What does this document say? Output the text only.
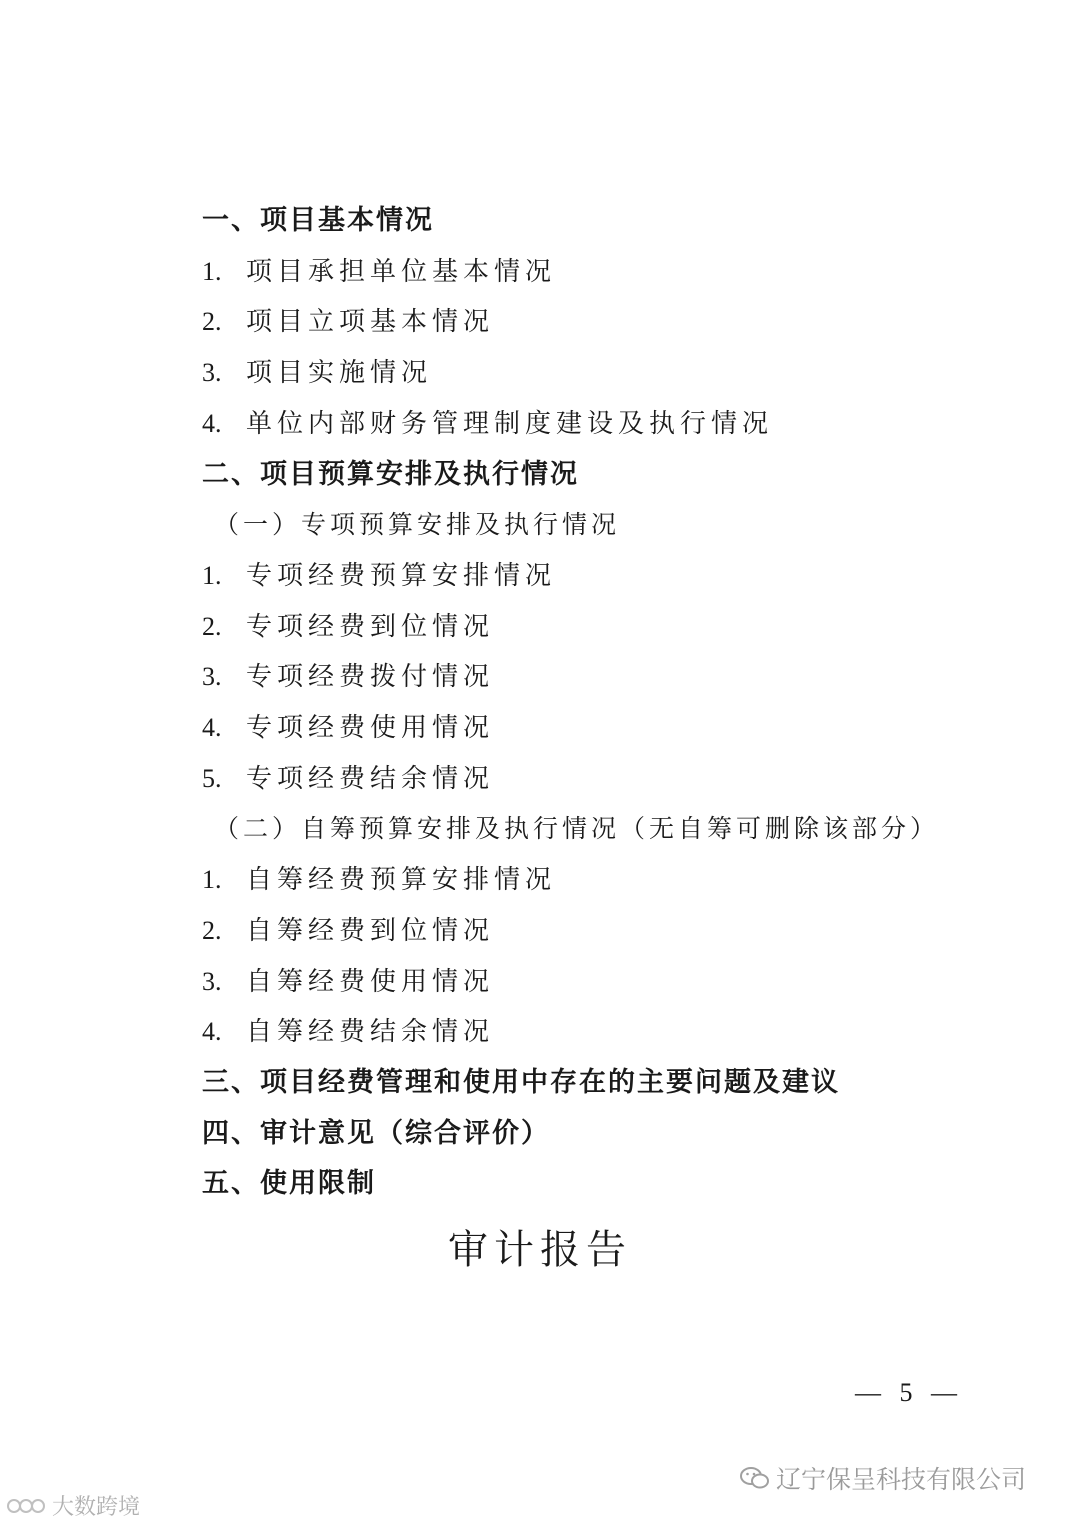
一、项目基本情况

1. 项目承担单位基本情况

2. 项目立项基本情况

3. 项目实施情况

4. 单位内部财务管理制度建设及执行情况

二、项目预算安排及执行情况

（一）专项预算安排及执行情况

1. 专项经费预算安排情况

2. 专项经费到位情况

3. 专项经费拨付情况

4. 专项经费使用情况

5. 专项经费结余情况

（二）自筹预算安排及执行情况（无自筹可删除该部分）

1. 自筹经费预算安排情况

2. 自筹经费到位情况

3. 自筹经费使用情况

4. 自筹经费结余情况

三、项目经费管理和使用中存在的主要问题及建议

四、审计意见（综合评价）

五、使用限制

审计报告
— 5 —
辽宁保呈科技有限公司
大数跨境
